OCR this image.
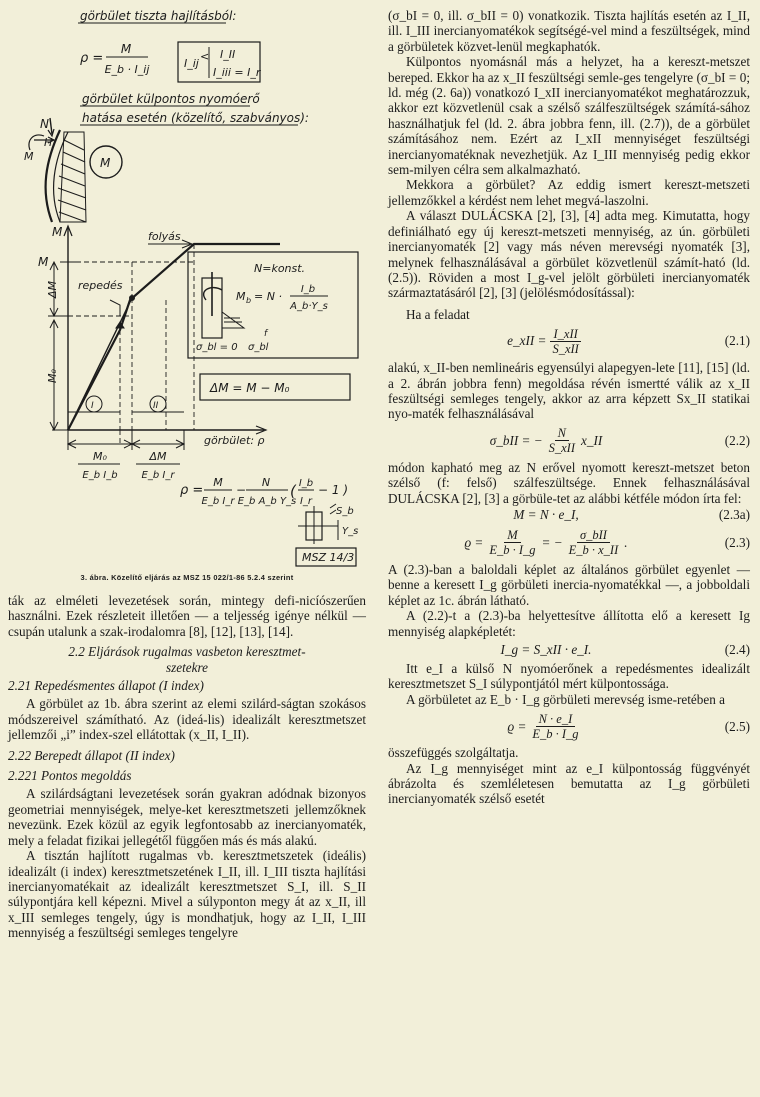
görbület tiszta hajlításból:
ρ =
M
E_b · I_ij	I_ij
< I_II
I_iii = I_r
görbület külpontos nyomóerő
hatása esetén (közelítő, szabványos):
N
H
M	M
M	folyás
repedés
M
ΔM
M₀
I	II
görbület: ρ
N=konst.
M b = N ·
I_b
A_b·Y_s
σ_bl = 0 σ_bl
f
ΔM = M − M₀
M₀
E_b I_b
ΔM
E_b I_r
ρ =
M
E_b I_r
−
N
E_b A_b Y_s
( I_b
I_r
− 1 )
S_b
Y_s
MSZ 14/3
3. ábra. Közelítő eljárás az MSZ 15 022/1-86 5.2.4 szerint

ták az elméleti levezetések során, mintegy defi-nicíószerűen használni. Ezek részleteit illetően — a teljesség igénye nélkül — csupán utalunk a szak-irodalomra [8], [12], [13], [14].

2.2 Eljárások rugalmas vasbeton keresztmet-

szetekre

2.21 Repedésmentes állapot (I index)

A görbület az 1b. ábra szerint az elemi szilárd-ságtan szokásos módszereivel számítható. Az (ideá-lis) idealizált keresztmetszet jellemzői „i” index-szel ellátottak (x_II, I_II).

2.22 Berepedt állapot (II index)

2.221 Pontos megoldás

A szilárdságtani levezetések során gyakran adódnak bizonyos geometriai mennyiségek, melye-ket keresztmetszeti jellemzőknek nevezünk. Ezek közül az egyik legfontosabb az inercianyomaték, mely a feladat fizikai jellegétől függően más és más alakú.

A tisztán hajlított rugalmas vb. keresztmetszetek (ideális) idealizált (i index) keresztmetszetének I_II, ill. I_III tiszta hajlítási inercianyomatékait az idealizált keresztmetszet S_I, ill. S_II súlypontjára kell képezni. Mivel a súlyponton megy át az x_II, ill x_III semleges tengely, úgy is mondhatjuk, hogy az I_II, I_III mennyiség a feszültségi semleges tengelyre

(σ_bI = 0, ill. σ_bII = 0) vonatkozik. Tiszta hajlítás esetén az I_II, ill. I_III inercianyomatékok segítségé-vel mind a feszültségek, mind a görbületek közvet-lenül megkaphatók.

Külpontos nyomásnál más a helyzet, ha a kereszt-metszet bereped. Ekkor ha az x_II feszültségi semle-ges tengelyre (σ_bI = 0; ld. még (2. 6a)) vonatkozó I_xII inercianyomatékot meghatározzuk, akkor ezt közvetlenül csak a szélső szálfeszültségek számítá-sához használhatjuk fel (ld. 2. ábra jobbra fenn, ill. (2.7)), de a görbület számításához nem. Ezért az I_xII mennyiséget feszültségi inercianyomatéknak nevezhetjük. Az I_III mennyiség pedig ekkor sem-milyen célra sem alkalmazható.

Mekkora a görbület? Az eddig ismert kereszt-metszeti jellemzőkkel a kérdést nem lehet megvá-laszolni.

A választ DULÁCSKA [2], [3], [4] adta meg. Kimutatta, hogy definiálható egy új kereszt-metszeti mennyiség, az ún. görbületi inercianyomaték [2] vagy más néven merevségi nyomaték [3], melynek felhasználásával a görbület közvetlenül számít-ható (ld. (2.5)). Röviden a most I_g-vel jelölt görbületi inercianyomaték származtatásáról [2], [3] (jelölésmódosítással):

Ha a feladat

e_xII = $\frac{\text{I\_xII}}{\text{S\_xII}}$	(2.1)

alakú, x_II-ben nemlineáris egyensúlyi alapegyen-lete [11], [15] (ld. a 2. ábrán jobbra fenn) megoldása révén ismertté válik az x_II feszültségi semleges tengely, akkor az arra képzett Sx_II statikai nyo-maték felhasználásával

σ_bII = − $\frac{N}{\text{S\_xII}}$ x_II	(2.2)

módon kapható meg az N erővel nyomott kereszt-metszet beton szélső (f: felső) szálfeszültsége. Ennek felhasználásával DULÁCSKA [2], [3] a görbüle-tet az alábbi kétféle módon írta fel:

M = N · e_I,	(2.3a)
$ϱ = \frac{M}{E\_b \cdot I\_g}$ = − $\frac{\text{σ\_bII}}{E\_b \cdot x\_II}$ .	(2.3)

A (2.3)-ban a baloldali képlet az általános görbület egyenlet — benne a keresett I_g görbületi inercia-nyomatékkal —, a jobboldali képlet az 1c. ábrán látható.

A (2.2)-t a (2.3)-ba helyettesítve állította elő a keresett Ig mennyiség alapképletét:

I_g = S_xII · e_I.	(2.4)

Itt e_I a külső N nyomóerőnek a repedésmentes idealizált keresztmetszet S_I súlypontjától mért külpontossága.

A görbületet az E_b · I_g görbületi merevség isme-retében a

$ϱ = \frac{N \cdot e\_I}{E\_b \cdot I\_g}$	(2.5)

összefüggés szolgáltatja.

Az I_g mennyiséget mint az e_I külpontosság függvényét ábrázolta és szemléletesen bemutatta az I_g görbületi inercianyomaték szélső esetét
